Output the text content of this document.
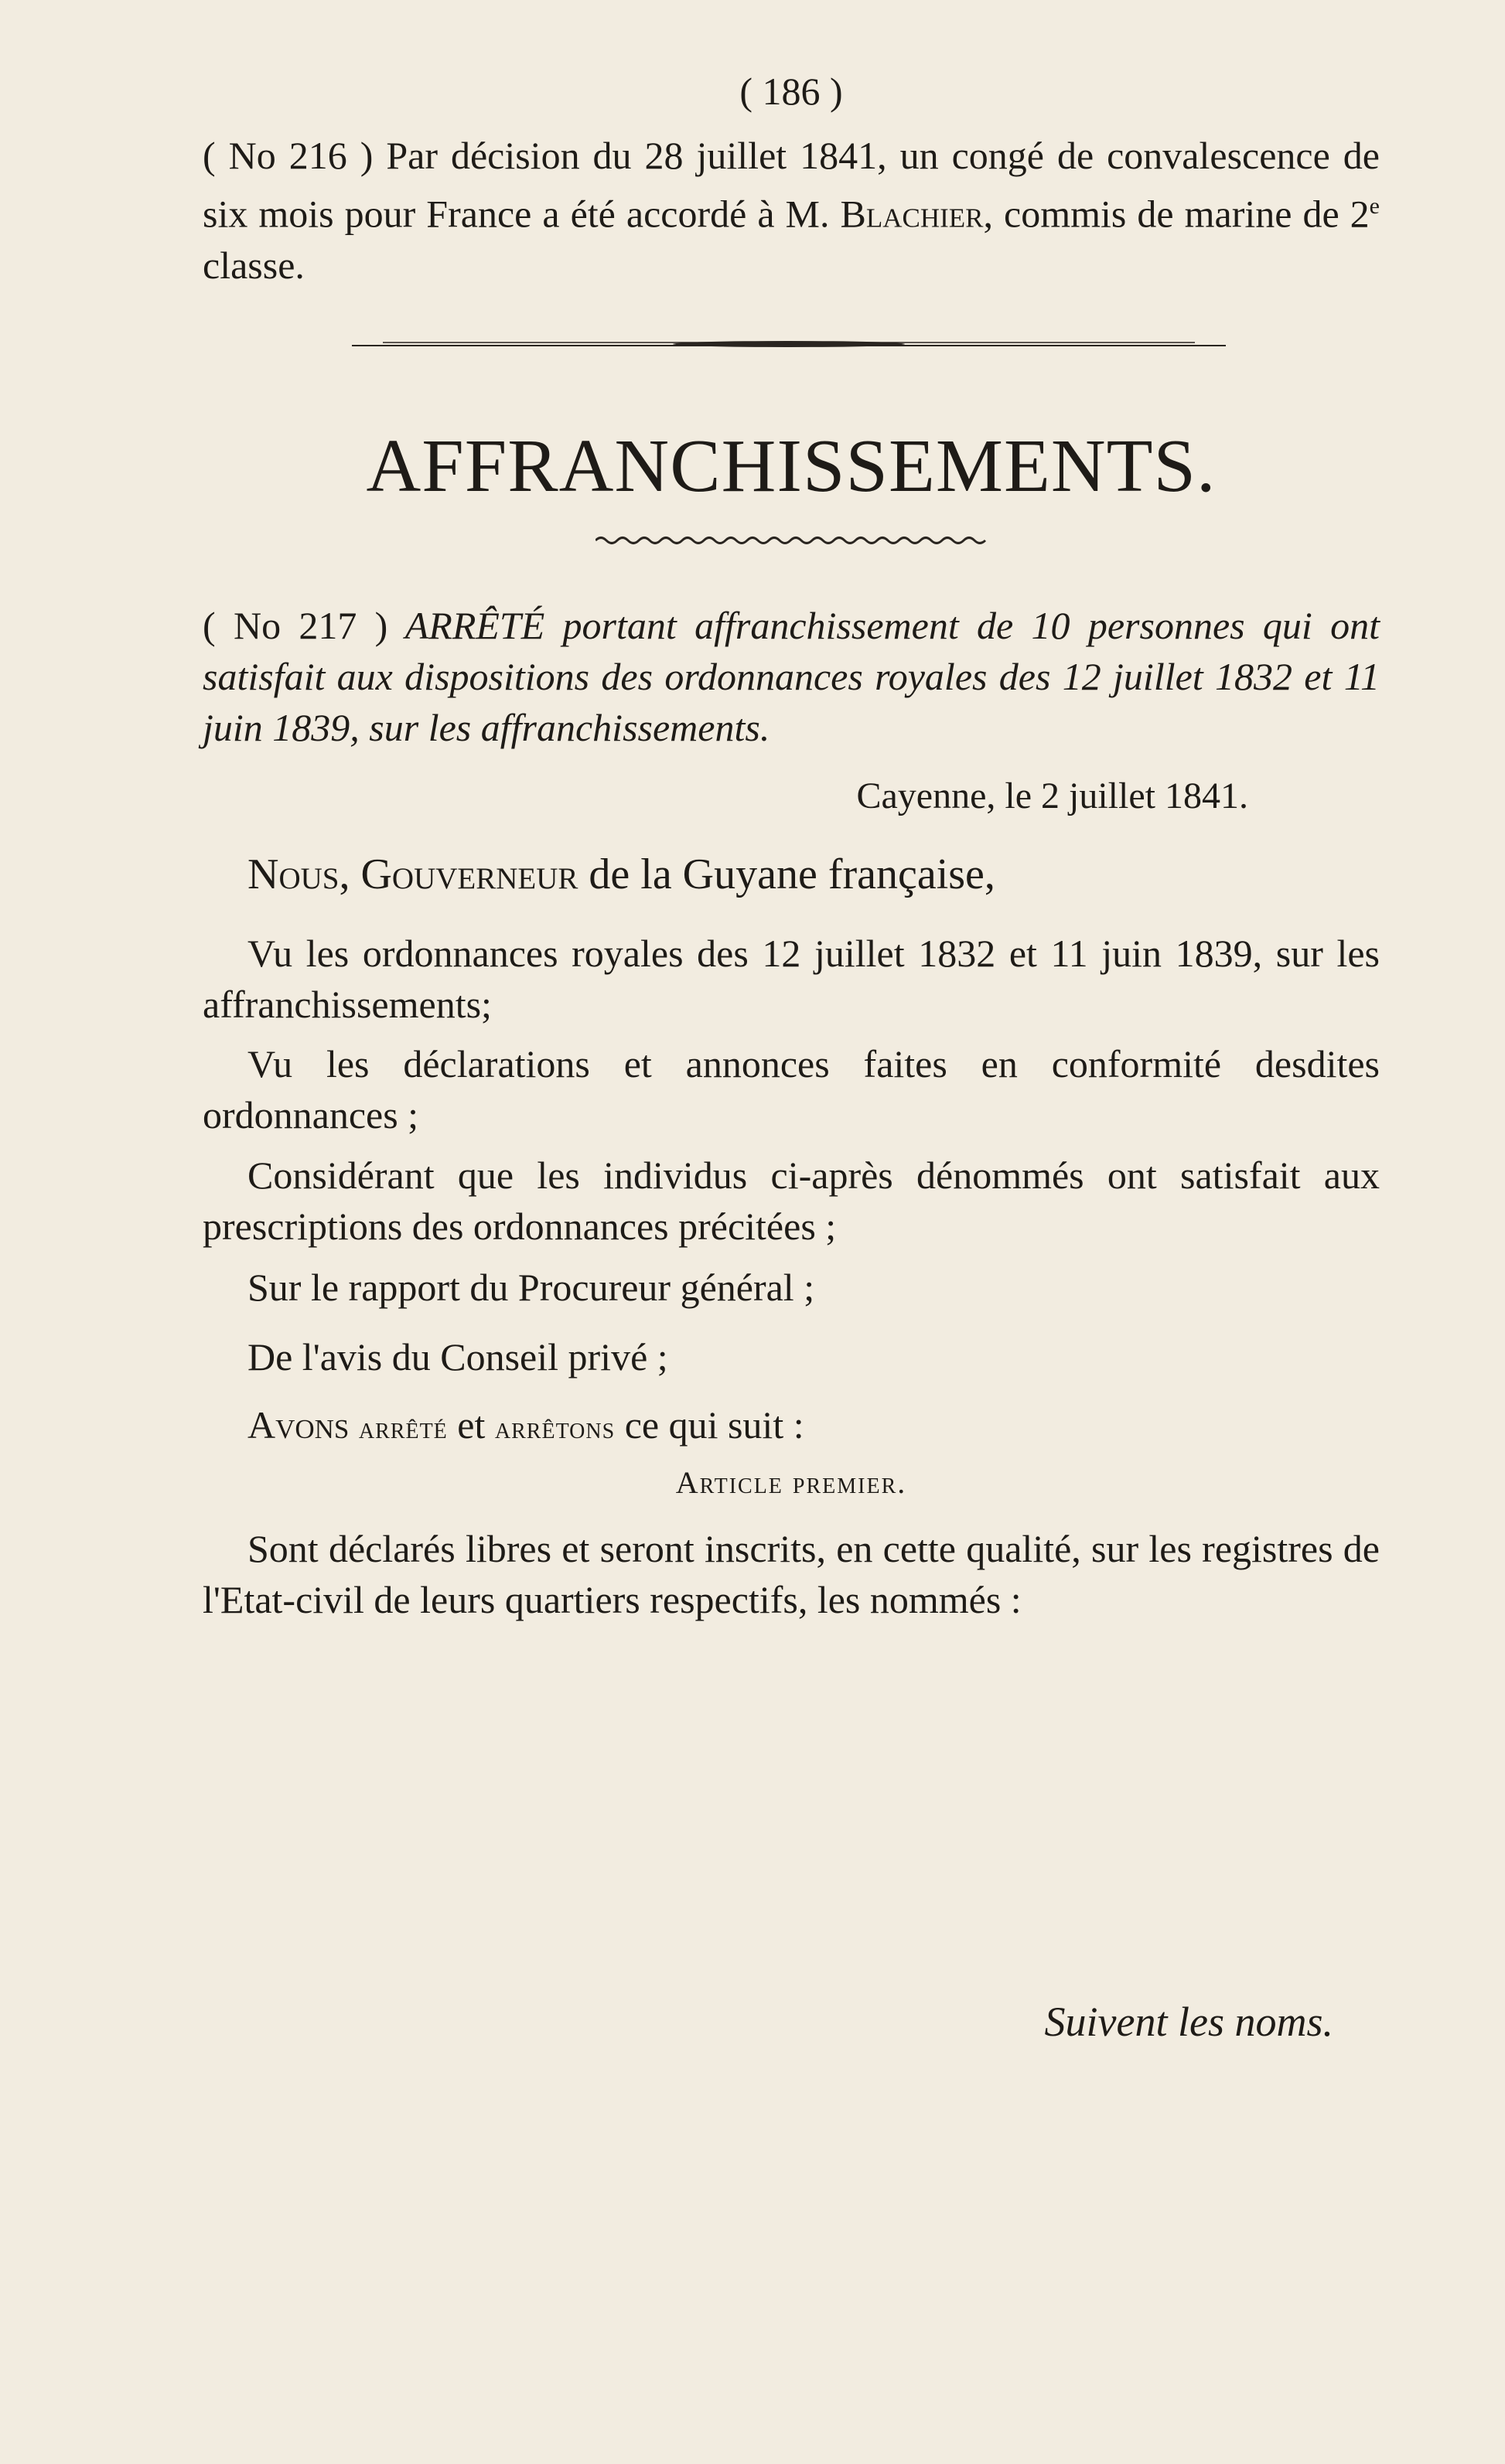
( 186 )

( No 216 ) Par décision du 28 juillet 1841, un congé de convalescence de six mois pour France a été accordé à M. Blachier, commis de marine de 2e classe.

AFFRANCHISSEMENTS.

( No 217 ) ARRÊTÉ portant affranchissement de 10 personnes qui ont satisfait aux dispositions des ordonnances royales des 12 juillet 1832 et 11 juin 1839, sur les affranchissements.

Cayenne, le 2 juillet 1841.

Nous, Gouverneur de la Guyane française,

Vu les ordonnances royales des 12 juillet 1832 et 11 juin 1839, sur les affranchissements;

Vu les déclarations et annonces faites en conformité desdites ordonnances ;

Considérant que les individus ci-après dénommés ont satisfait aux prescriptions des ordonnances précitées ;

Sur le rapport du Procureur général ;

De l'avis du Conseil privé ;

Avons arrêté et arrêtons ce qui suit :

Article premier.

Sont déclarés libres et seront inscrits, en cette qualité, sur les registres de l'Etat-civil de leurs quartiers respectifs, les nommés :

Suivent les noms.
